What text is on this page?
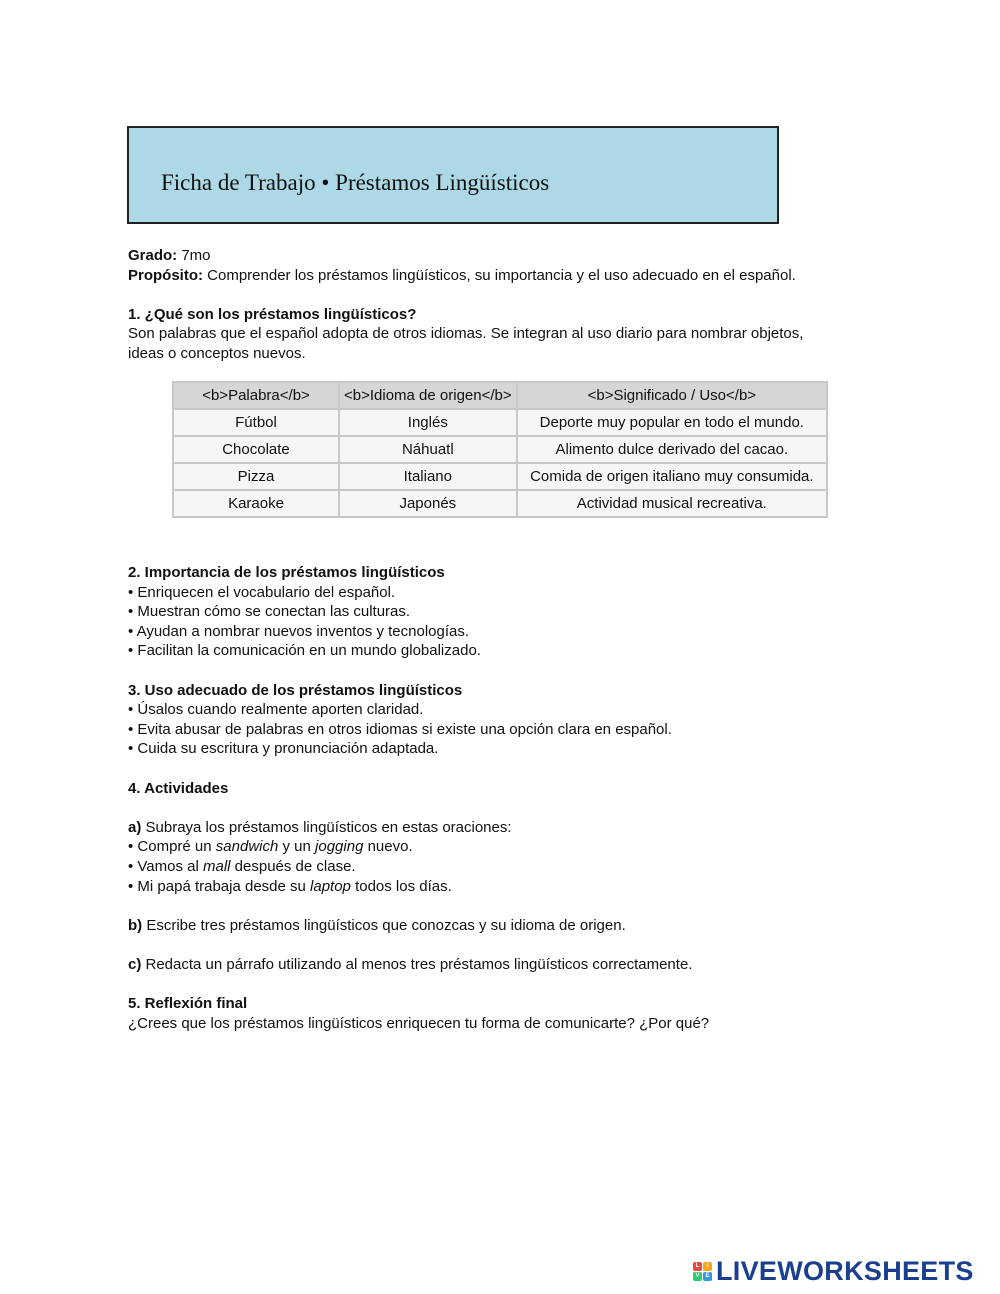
Ficha de Trabajo • Préstamos Lingüísticos
Grado: 7mo
Propósito: Comprender los préstamos lingüísticos, su importancia y el uso adecuado en el español.
1. ¿Qué son los préstamos lingüísticos?
Son palabras que el español adopta de otros idiomas. Se integran al uso diario para nombrar objetos,
ideas o conceptos nuevos.
<b>Palabra</b>	<b>Idioma de origen</b>	<b>Significado / Uso</b>
Fútbol	Inglés	Deporte muy popular en todo el mundo.
Chocolate	Náhuatl	Alimento dulce derivado del cacao.
Pizza	Italiano	Comida de origen italiano muy consumida.
Karaoke	Japonés	Actividad musical recreativa.
2. Importancia de los préstamos lingüísticos
• Enriquecen el vocabulario del español.
• Muestran cómo se conectan las culturas.
• Ayudan a nombrar nuevos inventos y tecnologías.
• Facilitan la comunicación en un mundo globalizado.
3. Uso adecuado de los préstamos lingüísticos
• Úsalos cuando realmente aporten claridad.
• Evita abusar de palabras en otros idiomas si existe una opción clara en español.
• Cuida su escritura y pronunciación adaptada.
4. Actividades
a) Subraya los préstamos lingüísticos en estas oraciones:
• Compré un sandwich y un jogging nuevo.
• Vamos al mall después de clase.
• Mi papá trabaja desde su laptop todos los días.
b) Escribe tres préstamos lingüísticos que conozcas y su idioma de origen.
c) Redacta un párrafo utilizando al menos tres préstamos lingüísticos correctamente.
5. Reflexión final
¿Crees que los préstamos lingüísticos enriquecen tu forma de comunicarte? ¿Por qué?
L	I
V E LIVEWORKSHEETS
